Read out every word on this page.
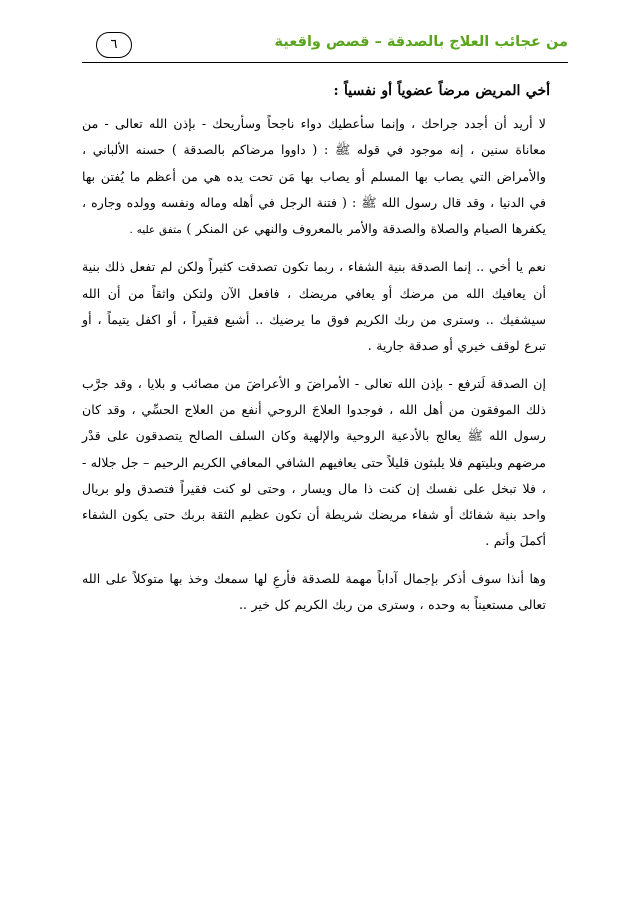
٦	من عجائب العلاج بالصدقة – قصص واقعية
أخي المريض مرضاً عضوياً أو نفسياً :

لا أريد أن أجدد جراحك ، وإنما سأعطيك دواء ناجحاً وسأريحك - بإذن الله تعالى - من معاناة سنين ، إنه موجود في قوله ﷺ : ( داووا مرضاكم بالصدقة ) حسنه الألباني ، والأمراض التي يصاب بها المسلم أو يصاب بها مَن تحت يده هي من أعظم ما يُفتن بها في الدنيا ، وقد قال رسول الله ﷺ : ( فتنة الرجل في أهله وماله ونفسه وولده وجاره ، يكفرها الصيام والصلاة والصدقة والأمر بالمعروف والنهي عن المنكر ) متفق عليه .

نعم يا أخي .. إنما الصدقة بنية الشفاء ، ربما تكون تصدقت كثيراً ولكن لم تفعل ذلك بنية أن يعافيك الله من مرضك أو يعافي مريضك ، فافعل الآن ولتكن واثقاً من أن الله سيشفيك .. وسترى من ربك الكريم فوق ما يرضيك .. أشبع فقيراً ، أو اكفل يتيماً ، أو تبرع لوقف خيري أو صدقة جارية .

إن الصدقة لَترفع - بإذن الله تعالى - الأمراضَ و الأعراضَ من مصائب و بلايا ، وقد جرَّب ذلك الموفقون من أهل الله ، فوجدوا العلاجَ الروحي أنفع من العلاج الحسِّي ، وقد كان رسول الله ﷺ يعالج بالأدعية الروحية والإلهية وكان السلف الصالح يتصدقون على قدْر مرضهم وبليتهم فلا يلبثون قليلاً حتى يعافيهم الشافي المعافي الكريم الرحيم – جل جلاله - ، فلا تبخل على نفسك إن كنت ذا مال ويسار ، وحتى لو كنت فقيراً فتصدق ولو بريال واحد بنية شفائك أو شفاء مريضك شريطة أن تكون عظيم الثقة بربك حتى يكون الشفاء أكملَ وأتم .

وها أنذا سوف أذكر بإجمال آداباً مهمة للصدقة فأرعِ لها سمعك وخذ بها متوكلاً على الله تعالى مستعيناً به وحده ، وسترى من ربك الكريم كل خير ..
